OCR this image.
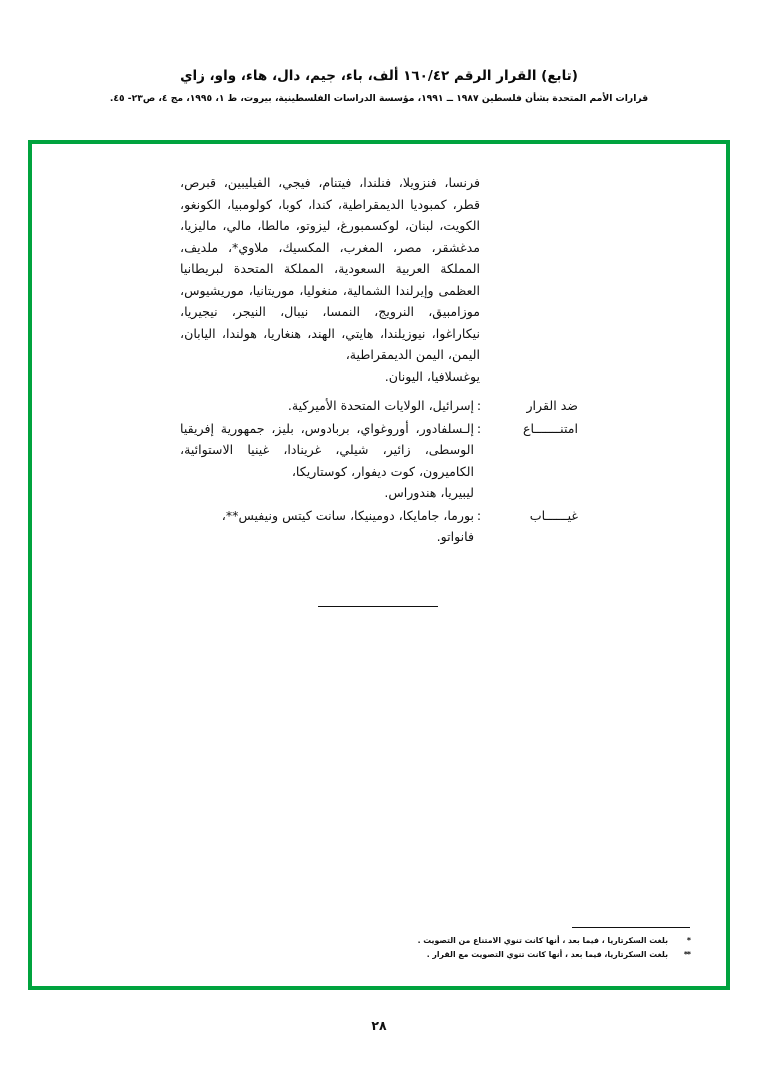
(تابع) القرار الرقم ١٦٠/٤٢ ألف، باء، جيم، دال، هاء، واو، زاي
قرارات الأمم المتحدة بشأن فلسطين ١٩٨٧ ــ ١٩٩١، مؤسسة الدراسات الفلسطينية، بيروت، ط ١، ١٩٩٥، مج ٤، ص٢٣- ٤٥.
فرنسا، فنزويلا، فنلندا، فيتنام، فيجي، الفيليبين، قبرص، قطر، كمبوديا الديمقراطية، كندا، كوبا، كولومبيا، الكونغو، الكويت، لبنان، لوكسمبورغ، ليزوتو، مالطا، مالي، ماليزيا، مدغشقر، مصر، المغرب، المكسيك، ملاوي*، ملديف، المملكة العربية السعودية، المملكة المتحدة لبريطانيا العظمى وإيرلندا الشمالية، منغوليا، موريتانيا، موريشيوس، موزامبيق، النرويج، النمسا، نيبال، النيجر، نيجيريا، نيكاراغوا، نيوزيلندا، هايتي، الهند، هنغاريا، هولندا، اليابان، اليمن، اليمن الديمقراطية،
يوغسلافيا، اليونان.
ضد القرار
:
إسرائيل، الولايات المتحدة الأميركية.
امتنـــــــاع
:
إلـسلفادور، أوروغواي، بربادوس، بليز، جمهورية إفريقيا الوسطى، زائير، شيلي، غرينادا، غينيا الاستوائية، الكاميرون، كوت ديفوار، كوستاريكا،
ليبيريا، هندوراس.
غيــــــاب
:
بورما، جامايكا، دومينيكا، سانت كيتس ونيفيس**،
فانواتو.
*
بلغت السكرتاريا ، فيما بعد ، أنها كانت تنوي الامتناع من التصويت .
**
بلغت السكرتاريا، فيما بعد ، أنها كانت تنوي التصويت مع القرار .
٢٨
